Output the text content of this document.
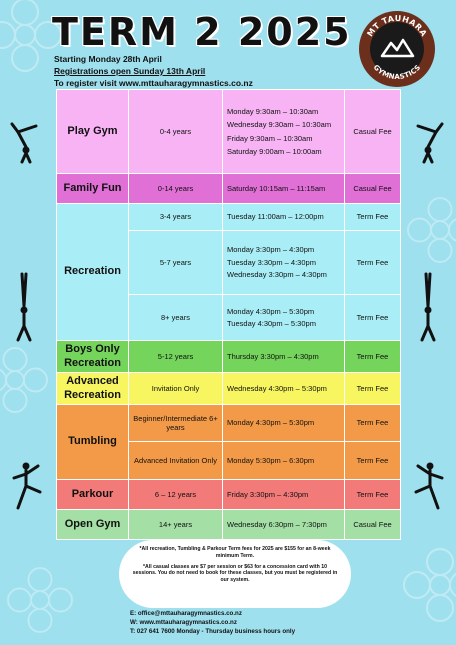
TERM 2 2025
Starting Monday 28th April
Registrations open Sunday 13th April
To register visit www.mttauharagymnastics.co.nz
MT TAUHARA
GYMNASTICS
Play Gym	0-4 years	Monday 9:30am – 10:30am
Wednesday 9:30am – 10:30am
Friday 9:30am – 10:30am
Saturday 9:00am – 10:00am	Casual Fee
Family Fun	0-14 years	Saturday 10:15am – 11:15am	Casual Fee
Recreation	3-4 years	Tuesday 11:00am – 12:00pm	Term Fee
	5-7 years	Monday 3:30pm – 4:30pm
Tuesday 3:30pm – 4:30pm
Wednesday 3:30pm – 4:30pm	Term Fee
	8+ years	Monday 4:30pm – 5:30pm
Tuesday 4:30pm – 5:30pm	Term Fee
Boys Only Recreation	5-12 years	Thursday 3:30pm – 4:30pm	Term Fee
Advanced Recreation	Invitation Only	Wednesday 4:30pm – 5:30pm	Term Fee
Tumbling	Beginner/Intermediate 6+ years	Monday 4:30pm – 5:30pm	Term Fee
	Advanced Invitation Only	Monday 5:30pm – 6:30pm	Term Fee
Parkour	6 – 12 years	Friday 3:30pm – 4:30pm	Term Fee
Open Gym	14+ years	Wednesday 6:30pm – 7:30pm	Casual Fee

*All recreation, Tumbling & Parkour Term fees for 2025 are $155 for an 8-week minimum Term.

*All casual classes are $7 per session or $63 for a concession card with 10 sessions. You do not need to book for these classes, but you must be registered in our system.

E: office@mttauharagymnastics.co.nz
W: www.mttauharagymnastics.co.nz
T: 027 641 7600 Monday - Thursday business hours only
